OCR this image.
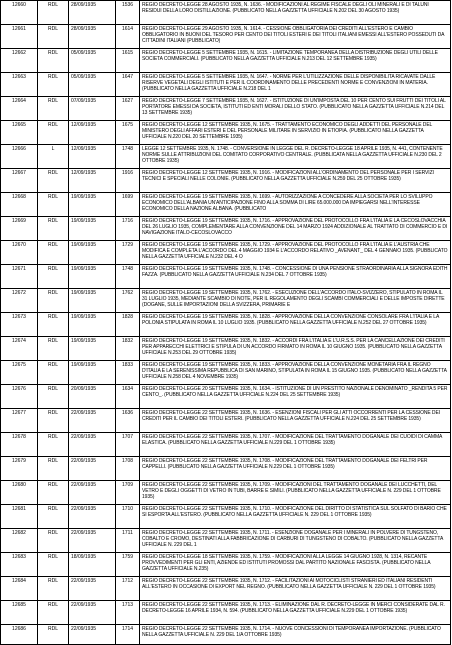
12660	RDL	28/09/1935	1536	REGIO DECRETO-LEGGE 28 AGOSTO 1935, N. 1636. - MODIFICAZIONI AL REGIME FISCALE DEGLI OLI MINERALI E DI TALUNI RESIDUI DELLA LORO DISTILLAZIONE. (PUBBLICATO NELLA GAZZETTA UFFICIALE N.202 DEL 30 AGOSTO 1935)

12661	RDL	28/09/1935	1614	REGIO DECRETO-LEGGE 29 AGOSTO 1935, N. 1614. - CESSIONE OBBLIGATORIA DEI CREDITI ALL'ESTERO E CAMBIO OBBLIGATORIO IN BUONI DEL TESORO PER CENTO DEI TITOLI ESTERI E DEI TITOLI ITALIANI EMESSI ALL'ESTERO POSSEDUTI DA CITTADINI ITALIANI (PUBBLICATO)

12662	RDL	05/09/1935	1615	REGIO DECRETO-LEGGE 5 SETTEMBRE 1935, N. 1615. - LIMITAZIONE TEMPORANEA DELLA DISTRIBUZIONE DEGLI UTILI DELLE SOCIETA COMMERCIALI. (PUBBLICATO NELLA GAZZETTA UFFICIALE N.213 DEL 12 SETTEMBRE 1935)

12663	RDL	05/09/1935	1647	REGIO DECRETO-LEGGE 5 SETTEMBRE 1935, N. 1647. - NORME PER L'UTILIZZAZIONE DELLE DISPONIBILITA RICAVATE DALLE RISERVE VEGETALI DEGLI ISTITUTI E PER IL COORDINAMENTO DELLE PRECEDENTI NORME E CONVENZIONI IN MATERIA. (PUBBLICATO NELLA GAZZETTA UFFICIALE N.218 DEL 1

12664	RDL	07/09/1935	1627	REGIO DECRETO-LEGGE 7 SETTEMBRE 1935, N. 1627. - ISTITUZIONE DI UN'IMPOSTA DEL 10 PER CENTO SUI FRUTTI DEI TITOLI AL PORTATORE EMESSI DA SOCIETA, ISTITUTI ED ENTI MORALI DELLO STATO. (PUBBLICATO NELLA GAZZETTA UFFICIALE N.214 DEL 13 SETTEMBRE 1935)

12665	RDL	12/09/1935	1675	REGIO DECRETO-LEGGE 12 SETTEMBRE 1935, N. 1675. - TRATTAMENTO ECONOMICO DEGLI ADDETTI DEL PERSONALE DEL MINISTERO DEGLI AFFARI ESTERI E DEL PERSONALE MILITARE IN SERVIZIO IN ETIOPIA. (PUBBLICATO NELLA GAZZETTA UFFICIALE N.220 DEL 20 SETTEMBRE 1935)

12666	L	12/09/1935	1748	LEGGE 12 SETTEMBRE 1935, N. 1748. - CONVERSIONE IN LEGGE DEL R. DECRETO-LEGGE 18 APRILE 1935, N. 441, CONTENENTE NORME SULLE ATTRIBUZIONI DEL COMITATO CORPORATIVO CENTRALE. (PUBBLICATA NELLA GAZZETTA UFFICIALE N.230 DEL 2 OTTOBRE 1935)

12667	RDL	12/09/1935	1916	REGIO DECRETO-LEGGE 12 SETTEMBRE 1935, N. 1916. - MODIFICAZIONI ALL'ORDINAMENTO DEL PERSONALE PER I SERVIZI TECNICI E SPECIALI NELLE COLONIE. (PUBBLICATO NELLA GAZZETTA UFFICIALE N.259 DEL 25 OTTOBRE 1935)

12668	RDL	19/09/1935	1699	REGIO DECRETO-LEGGE 19 SETTEMBRE 1935, N. 1699. - AUTORIZZAZIONE A CONCEDERE ALLA SOCIETA PER LO SVILUPPO ECONOMICO DELL'ALBANIA UN'ANTICIPAZIONE FINO ALLA SOMMA DI LIRE 65.000.000 DA IMPIEGARSI NELL'INTERESSE ECONOMICO DELLA NAZIONE ALBANA. (PUBBLICATO

12669	RDL	19/09/1935	1716	REGIO DECRETO-LEGGE 19 SETTEMBRE 1935, N. 1716. - APPROVAZIONE DEL PROTOCOLLO FRA L'ITALIA E LA CECOSLOVACCHIA DEL 26 LUGLIO 1935, COMPLEMENTARE ALLA CONVENZIONE DEL 14 MARZO 1924 ADDIZIONALE AL TRATTATO DI COMMERCIO E DI NAVIGAZIONE ITALO-CECOSLOVACCO

12670	RDL	19/09/1935	1729	REGIO DECRETO-LEGGE 19 SETTEMBRE 1935, N. 1729. - APPROVAZIONE DEL PROTOCOLLO FRA L'ITALIA E L'AUSTRIA CHE MODIFICA E COMPLETA L'ACCORDO DEL 4 MAGGIO 1934 E L'ACCORDO RELATIVO _AVENANT_ DEL 4 GENNAIO 1935. (PUBBLICATO NELLA GAZZETTA UFFICIALE N.232 DEL 4 O

12671	RDL	19/09/1935	1748	REGIO DECRETO-LEGGE 19 SETTEMBRE 1935, N. 1748. - CONCESSIONE DI UNA PENSIONE STRAORDINARIA ALLA SIGNORA EDITH FAZZA. (PUBBLICATO NELLA GAZZETTA UFFICIALE N.234 DEL 7 OTTOBRE 1935)

12672	RDL	19/09/1935	1762	REGIO DECRETO-LEGGE 19 SETTEMBRE 1935, N. 1762. - ESECUZIONE DELL'ACCORDO ITALO-SVIZZERO, STIPULATO IN ROMA IL 31 LUGLIO 1935, MEDIANTE SCAMBIO DI NOTE, PER IL REGOLAMENTO DEGLI SCAMBI COMMERCIALI E DELLE IMPOSTE DIRETTE (DOGANE, SULLE IMPORTAZIONI DELLA SVIZZERA, PRIMARIE E

12673	RDL	19/09/1935	1828	REGIO DECRETO-LEGGE 19 SETTEMBRE 1935, N. 1828. - APPROVAZIONE DELLA CONVENZIONE CONSOLARE FRA L'ITALIA E LA POLONIA STIPULATA IN ROMA IL 10 LUGLIO 1935. (PUBBLICATO NELLA GAZZETTA UFFICIALE N.252 DEL 27 OTTOBRE 1935)

12674	RDL	19/09/1935	1832	REGIO DECRETO-LEGGE 19 SETTEMBRE 1935, N. 1832. - ACCORDI FRA L'ITALIA E L'U.R.S.S. PER LA CANCELLAZIONE DEI CREDITI PER APPARECCHI ELETTRICI E STIPULA DI UN ACCORDO FIRMATO IN ROMA IL 10 GIUGNO 1935. (PUBBLICATO NELLA GAZZETTA UFFICIALE N.253 DEL 29 OTTOBRE 1935)

12675	RDL	19/09/1935	1833	REGIO DECRETO-LEGGE 19 SETTEMBRE 1935, N. 1833. - APPROVAZIONE DELLA CONVENZIONE MONETARIA FRA IL REGNO D'ITALIA E LA SERENISSIMA REPUBBLICA DI SAN MARINO, STIPULATA IN ROMA IL 15 GIUGNO 1935. (PUBBLICATO NELLA GAZZETTA UFFICIALE N.258 DEL 4 NOVEMBRE 1935)

12676	RDL	20/09/1935	1634	REGIO DECRETO-LEGGE 20 SETTEMBRE 1935, N. 1634. - ISTITUZIONE DI UN PRESTITO NAZIONALE DENOMINATO _RENDITA 5 PER CENTO_. (PUBBLICATO NELLA GAZZETTA UFFICIALE N.224 DEL 25 SETTEMBRE 1935)

12677	RDL	22/09/1935	1636	REGIO DECRETO-LEGGE 22 SETTEMBRE 1935, N. 1636. - ESENZIONI FISCALI PER GLI ATTI OCCORRENTI PER LA CESSIONE DEI CREDITI PER IL CAMBIO DEI TITOLI ESTERI. (PUBBLICATO NELLA GAZZETTA UFFICIALE N.224 DEL 25 SETTEMBRE 1935)

12678	RDL	22/09/1935	1707	REGIO DECRETO-LEGGE 22 SETTEMBRE 1935, N. 1707. - MODIFICAZIONE DEL TRATTAMENTO DOGANALE DEI CUOIDI DI CAMMA ELASTICA. (PUBBLICATO NELLA GAZZETTA UFFICIALE N.229 DEL 1 OTTOBRE 1935)

12679	RDL	22/09/1935	1708	REGIO DECRETO-LEGGE 22 SETTEMBRE 1935, N. 1708. - MODIFICAZIONE DEL TRATTAMENTO DOGANALE DEI FELTRI PER CAPPELLI. (PUBBLICATO NELLA GAZZETTA UFFICIALE N.229 DEL 1 OTTOBRE 1935)

12680	RDL	22/09/1935	1709	REGIO DECRETO-LEGGE 22 SETTEMBRE 1935, N. 1709. - MODIFICAZIONI DEL TRATTAMENTO DOGANALE DEI LUCCHETTI, DEL VETRO E DEGLI OGGETTI DI VETRO IN TUBI, BARRE E SIMILI. (PUBBLICATO NELLA GAZZETTA UFFICIALE N. 229 DEL 1 OTTOBRE 1935)

12681	RDL	22/09/1935	1710	REGIO DECRETO-LEGGE 22 SETTEMBRE 1935, N. 1710. - MODIFICAZIONE DEL DIRITTO DI STATISTICA SUL SOLFATO DI BARIO CHE SI ESPORTA ALL'ESTERO. (PUBBLICATO NELLA GAZZETTA UFFICIALE N. 229 DEL 1 OTTOBRE 1935)

12682	RDL	22/09/1935	1711	REGIO DECRETO-LEGGE 22 SETTEMBRE 1935, N. 1711. - ESENZIONE DOGANALE PER I MINERALI IN POLVERE DI TUNGSTENO, COBALTO E CROMO, DESTINATI ALLA FABBRICAZIONE DI CARBURI DI TUNGSTENO DI COBALTO. (PUBBLICATO NELLA GAZZETTA UFFICIALE N. 229 DEL 1

12683	RDL	18/09/1935	1759	REGIO DECRETO-LEGGE 18 SETTEMBRE 1935, N. 1759. - MODIFICAZIONI ALLA LEGGE 14 GIUGNO 1928, N. 1314, RECANTE PROVVEDIMENTI PER GLI ENTI, AZIENDE ED ISTITUTI PROMOSSI DAL PARTITO NAZIONALE FASCISTA. (PUBBLICATO NELLA GAZZETTA UFFICIALE N.235)

12684	RDL	22/09/1935	1712	REGIO DECRETO-LEGGE 22 SETTEMBRE 1935, N. 1712. - FACILITAZIONI AI MOTOCICLISTI STRANIERI ED ITALIANI RESIDENTI ALL'ESTERO IN OCCASIONE DI EXPORT NEL REGNO. (PUBBLICATO NELLA GAZZETTA UFFICIALE N. 229 DEL 1 OTTOBRE 1935)

12685	RDL	22/09/1935	1713	REGIO DECRETO-LEGGE 22 SETTEMBRE 1935, N. 1713. - ELIMINAZIONE DAL R. DECRETO-LEGGE IN MERCI CONSIDERATE DAL R. DECRETO-LEGGE 16 APRILE 1934, N. 594. (PUBBLICATO NELLA GAZZETTA UFFICIALE N.229 DEL 1 OTTOBRE 1935)

12686	RDL	22/09/1935	1714	REGIO DECRETO-LEGGE 22 SETTEMBRE 1935, N. 1714. - NUOVE CONCESSIONI DI TEMPORANEA IMPORTAZIONE. (PUBBLICATO NELLA GAZZETTA UFFICIALE N. 229 DEL 1/A OTTOBRE 1935)
